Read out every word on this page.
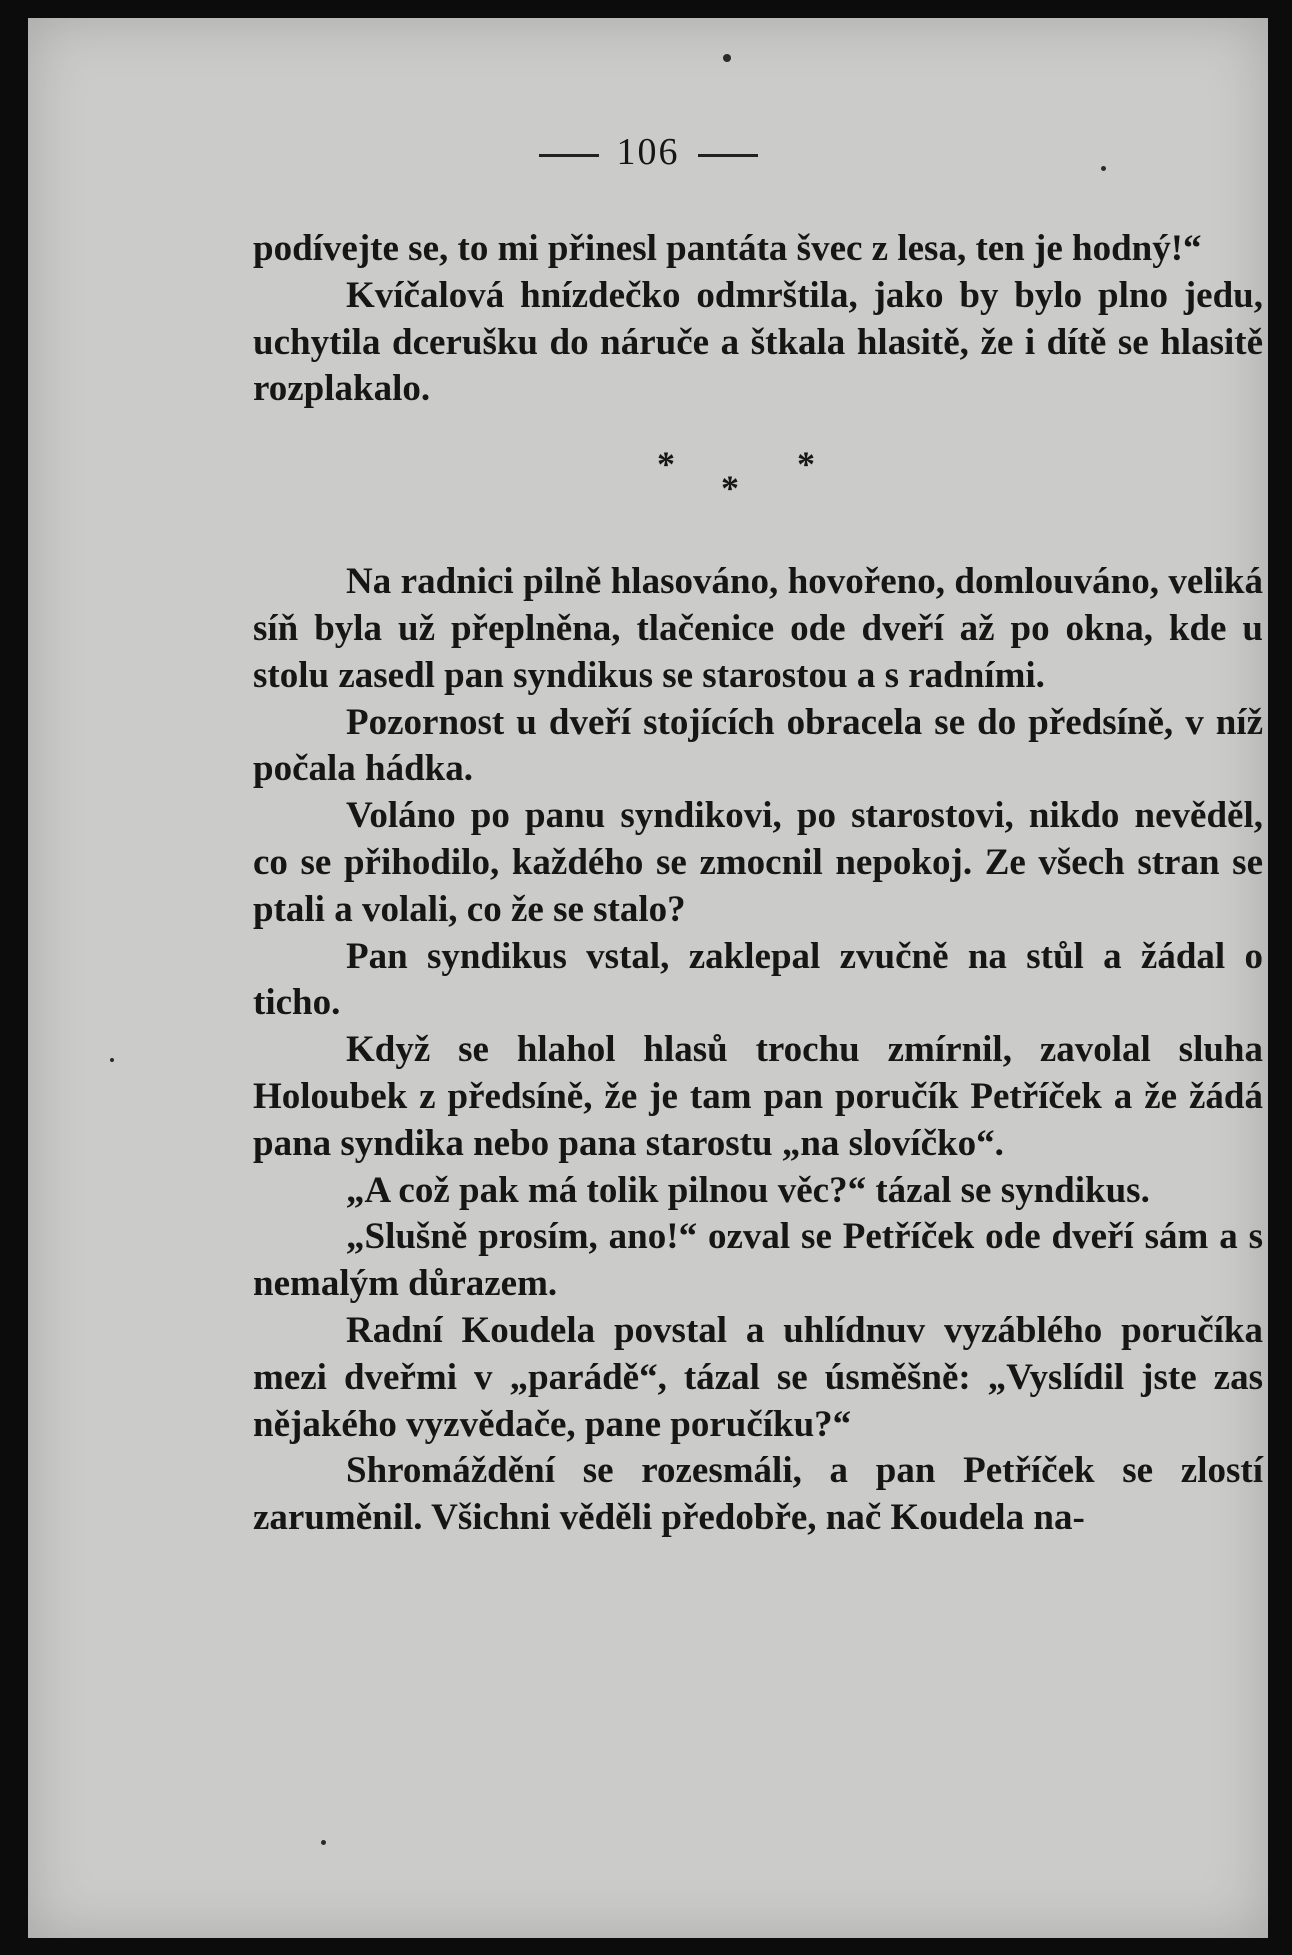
106

podívejte se, to mi přinesl pantáta švec z lesa, ten je hodný!“

Kvíčalová hnízdečko odmrštila, jako by bylo plno jedu, uchytila dcerušku do náruče a štkala hlasitě, že i dítě se hlasitě rozplakalo.

*
*
*

Na radnici pilně hlasováno, hovořeno, domlouváno, veliká síň byla už přeplněna, tlačenice ode dveří až po okna, kde u stolu zasedl pan syndikus se starostou a s radními.

Pozornost u dveří stojících obracela se do předsíně, v níž počala hádka.

Voláno po panu syndikovi, po starostovi, nikdo nevěděl, co se přihodilo, každého se zmocnil nepokoj. Ze všech stran se ptali a volali, co že se stalo?

Pan syndikus vstal, zaklepal zvučně na stůl a žádal o ticho.

Když se hlahol hlasů trochu zmírnil, zavolal sluha Holoubek z předsíně, že je tam pan poručík Petříček a že žádá pana syndika nebo pana starostu „na slovíčko“.

„A což pak má tolik pilnou věc?“ tázal se syndikus.

„Slušně prosím, ano!“ ozval se Petříček ode dveří sám a s nemalým důrazem.

Radní Koudela povstal a uhlídnuv vyzáblého poručíka mezi dveřmi v „parádě“, tázal se úsměšně: „Vyslídil jste zas nějakého vyzvědače, pane poručíku?“

Shromáždění se rozesmáli, a pan Petříček se zlostí zaruměnil. Všichni věděli předobře, nač Koudela na-
